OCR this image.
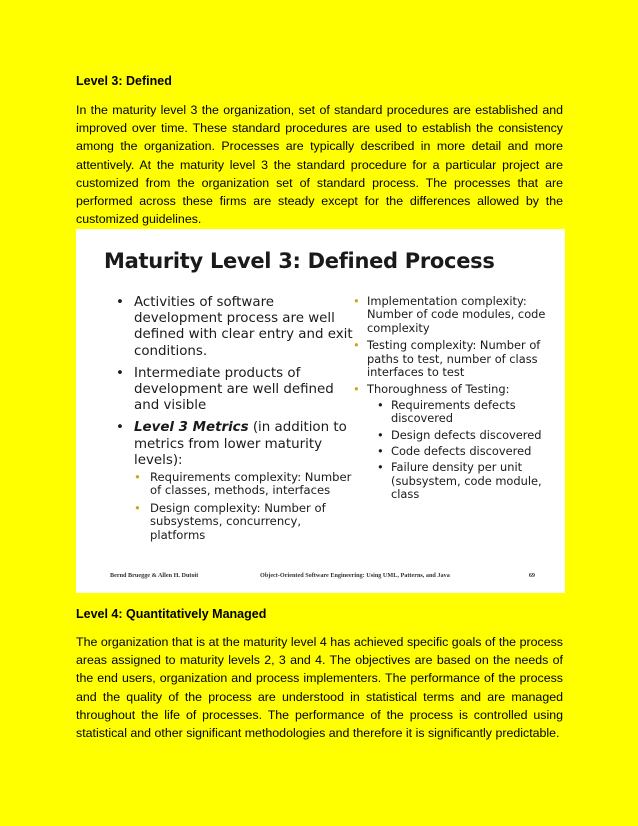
Level 3: Defined

In the maturity level 3 the organization, set of standard procedures are established and improved over time. These standard procedures are used to establish the consistency among the organization. Processes are typically described in more detail and more attentively. At the maturity level 3 the standard procedure for a particular project are customized from the organization set of standard process. The processes that are performed across these firms are steady except for the differences allowed by the customized guidelines.

Maturity Level 3: Defined Process
• Activities of software development process are well defined with clear entry and exit conditions.
• Intermediate products of development are well defined and visible
• Level 3 Metrics (in addition to metrics from lower maturity levels):
• Requirements complexity: Number of classes, methods, interfaces
• Design complexity: Number of subsystems, concurrency, platforms
• Implementation complexity: Number of code modules, code complexity
• Testing complexity: Number of paths to test, number of class interfaces to test
• Thoroughness of Testing:
• Requirements defects discovered
• Design defects discovered
• Code defects discovered
• Failure density per unit (subsystem, code module, class
Bernd Bruegge & Allen H. Dutoit	Object-Oriented Software Engineering: Using UML, Patterns, and Java	69
Level 4: Quantitatively Managed

The organization that is at the maturity level 4 has achieved specific goals of the process areas assigned to maturity levels 2, 3 and 4. The objectives are based on the needs of the end users, organization and process implementers. The performance of the process and the quality of the process are understood in statistical terms and are managed throughout the life of processes. The performance of the process is controlled using statistical and other significant methodologies and therefore it is significantly predictable.
